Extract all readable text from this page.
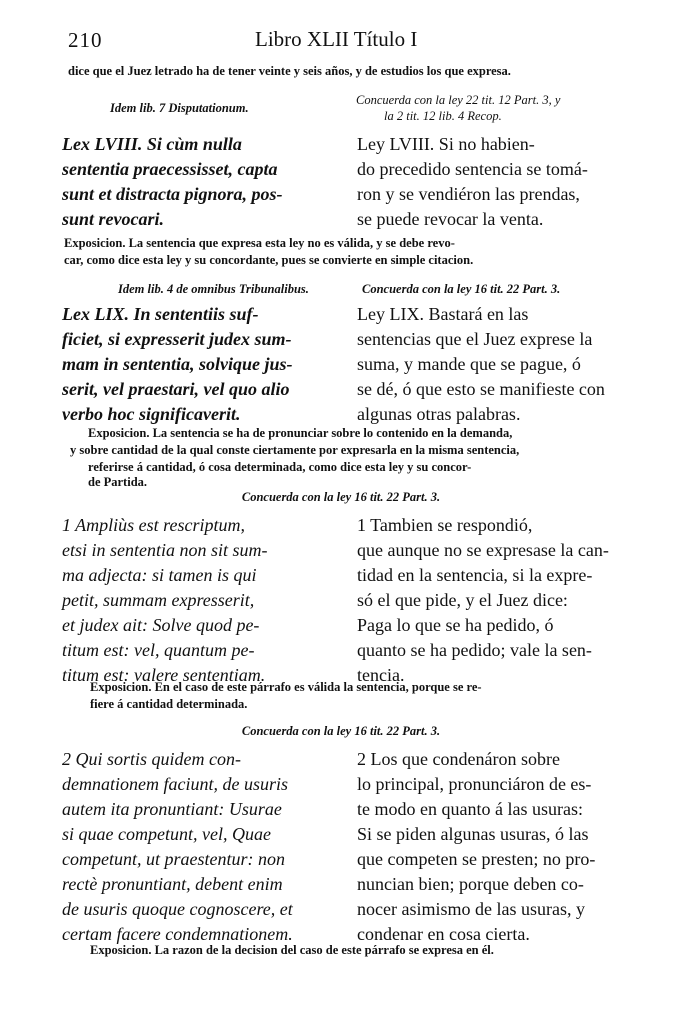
210	Libro XLII Título I
dice que el Juez letrado ha de tener veinte y seis años, y de estudios los que expresa.
Idem lib. 7 Disputationum.
Concuerda con la ley 22 tit. 12 Part. 3, y
la 2 tit. 12 lib. 4 Recop.
Lex LVIII. Si cùm nulla
sententia praecessisset, capta
sunt et distracta pignora, pos-
sunt revocari.
Ley LVIII. Si no habien-
do precedido sentencia se tomá-
ron y se vendiéron las prendas,
se puede revocar la venta.
Exposicion. La sentencia que expresa esta ley no es válida, y se debe revo-
car, como dice esta ley y su concordante, pues se convierte en simple citacion.
Idem lib. 4 de omnibus Tribunalibus.	Concuerda con la ley 16 tit. 22 Part. 3.
Lex LIX. In sententiis suf-
ficiet, si expresserit judex sum-
mam in sententia, solvique jus-
serit, vel praestari, vel quo alio
verbo hoc significaverit.
Ley LIX. Bastará en las
sentencias que el Juez exprese la
suma, y mande que se pague, ó
se dé, ó que esto se manifieste con
algunas otras palabras.
Exposicion. La sentencia se ha de pronunciar sobre lo contenido en la demanda,
y sobre cantidad de la qual conste ciertamente por expresarla en la misma sentencia,
referirse á cantidad, ó cosa determinada, como dice esta ley y su concor-
de Partida.
Concuerda con la ley 16 tit. 22 Part. 3.
1 Ampliùs est rescriptum,
etsi in sententia non sit sum-
ma adjecta: si tamen is qui
petit, summam expresserit,
et judex ait: Solve quod pe-
titum est: vel, quantum pe-
titum est: valere sententiam.
1 Tambien se respondió,
que aunque no se expresase la can-
tidad en la sentencia, si la expre-
só el que pide, y el Juez dice:
Paga lo que se ha pedido, ó
quanto se ha pedido; vale la sen-
tencia.
Exposicion. En el caso de este párrafo es válida la sentencia, porque se re-
fiere á cantidad determinada.
Concuerda con la ley 16 tit. 22 Part. 3.
2 Qui sortis quidem con-
demnationem faciunt, de usuris
autem ita pronuntiant: Usurae
si quae competunt, vel, Quae
competunt, ut praestentur: non
rectè pronuntiant, debent enim
de usuris quoque cognoscere, et
certam facere condemnationem.
2 Los que condenáron sobre
lo principal, pronunciáron de es-
te modo en quanto á las usuras:
Si se piden algunas usuras, ó las
que competen se presten; no pro-
nuncian bien; porque deben co-
nocer asimismo de las usuras, y
condenar en cosa cierta.
Exposicion. La razon de la decision del caso de este párrafo se expresa en él.
